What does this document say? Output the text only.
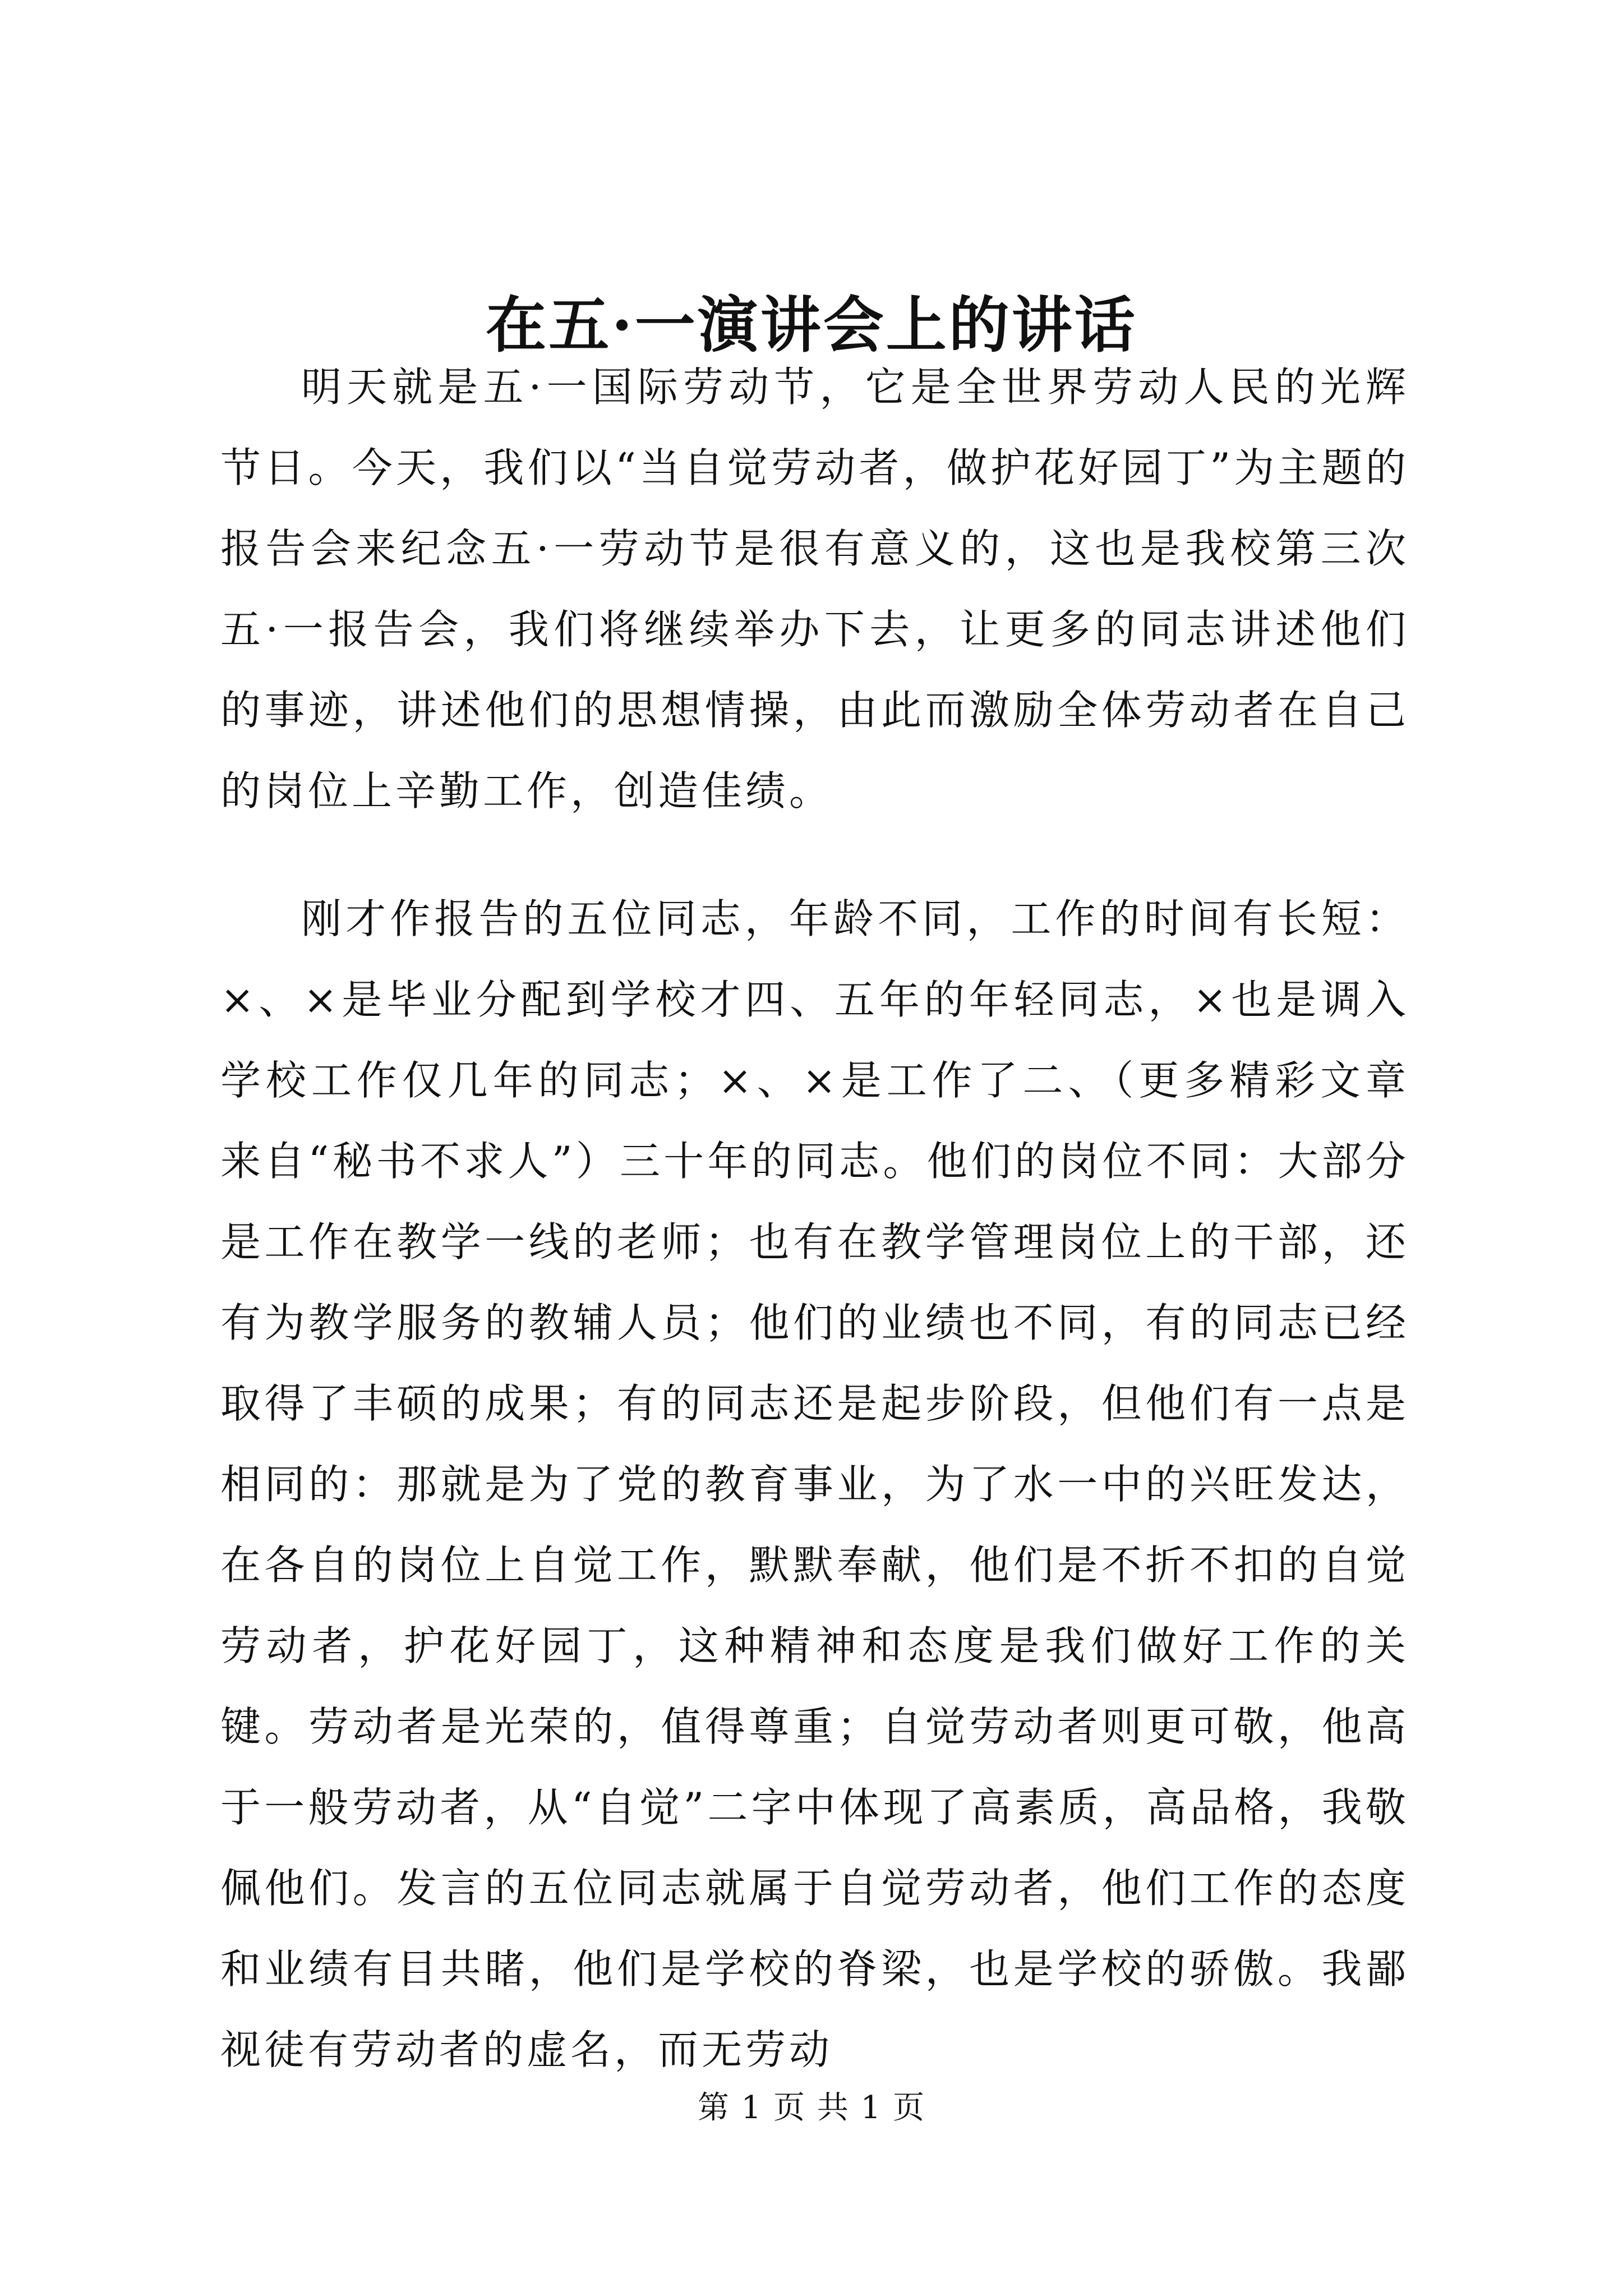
在五·一演讲会上的讲话

明天就是五·一国际劳动节，它是全世界劳动人民的光辉节日。今天，我们以“当自觉劳动者，做护花好园丁”为主题的报告会来纪念五·一劳动节是很有意义的，这也是我校第三次五·一报告会，我们将继续举办下去，让更多的同志讲述他们的事迹，讲述他们的思想情操，由此而激励全体劳动者在自己的岗位上辛勤工作，创造佳绩。

刚才作报告的五位同志，年龄不同，工作的时间有长短：×、×是毕业分配到学校才四、五年的年轻同志，×也是调入学校工作仅几年的同志；×、×是工作了二、（更多精彩文章来自“秘书不求人”）三十年的同志。他们的岗位不同：大部分是工作在教学一线的老师；也有在教学管理岗位上的干部，还有为教学服务的教辅人员；他们的业绩也不同，有的同志已经取得了丰硕的成果；有的同志还是起步阶段，但他们有一点是相同的：那就是为了党的教育事业，为了水一中的兴旺发达，在各自的岗位上自觉工作，默默奉献，他们是不折不扣的自觉劳动者，护花好园丁，这种精神和态度是我们做好工作的关键。劳动者是光荣的，值得尊重；自觉劳动者则更可敬，他高于一般劳动者，从“自觉”二字中体现了高素质，高品格，我敬佩他们。发言的五位同志就属于自觉劳动者，他们工作的态度和业绩有目共睹，他们是学校的脊梁，也是学校的骄傲。我鄙视徒有劳动者的虚名，而无劳动

第 1 页 共 1 页
